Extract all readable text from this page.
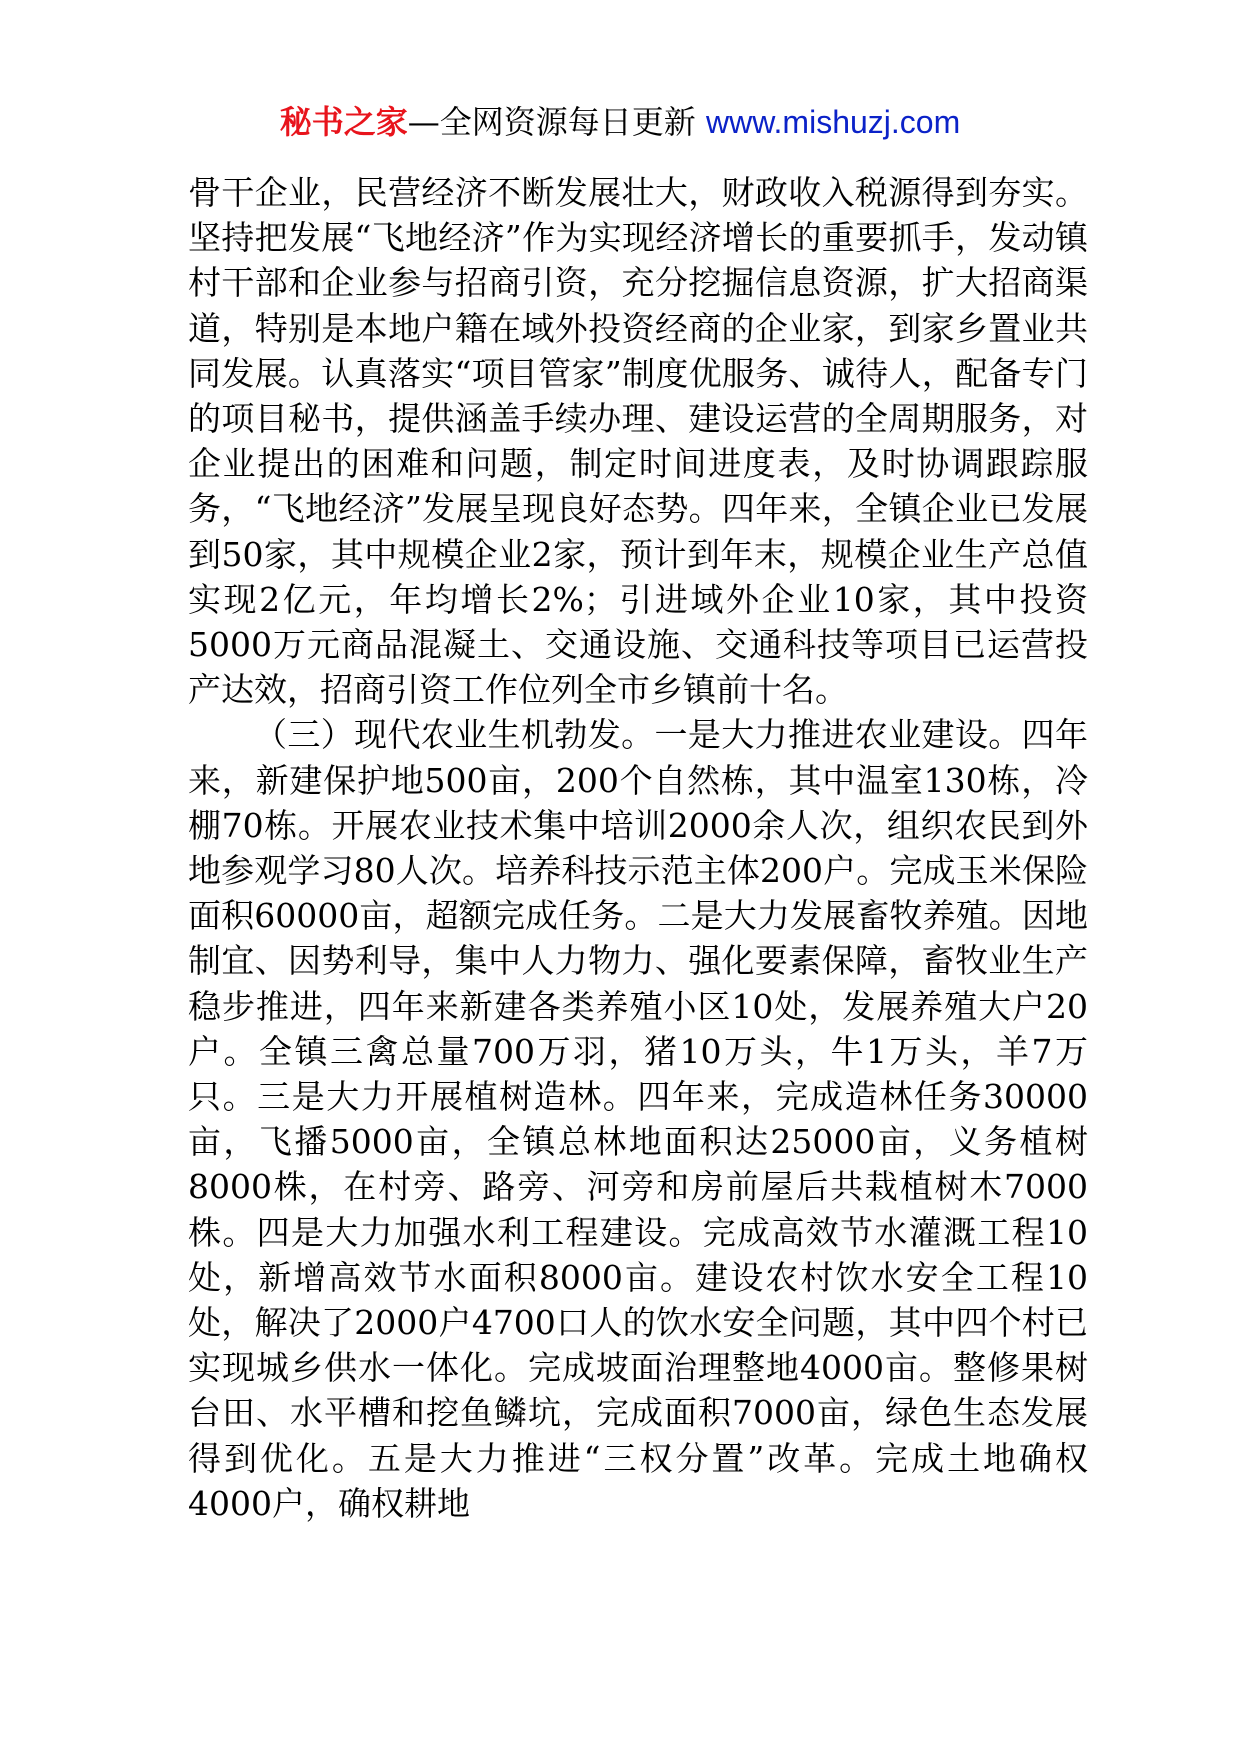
秘书之家—全网资源每日更新 www.mishuzj.com

骨干企业，民营经济不断发展壮大，财政收入税源得到夯实。坚持把发展“飞地经济”作为实现经济增长的重要抓手，发动镇村干部和企业参与招商引资，充分挖掘信息资源，扩大招商渠道，特别是本地户籍在域外投资经商的企业家，到家乡置业共同发展。认真落实“项目管家”制度优服务、诚待人，配备专门的项目秘书，提供涵盖手续办理、建设运营的全周期服务，对企业提出的困难和问题，制定时间进度表，及时协调跟踪服务，“飞地经济”发展呈现良好态势。四年来，全镇企业已发展到50家，其中规模企业2家，预计到年末，规模企业生产总值实现2亿元，年均增长2%；引进域外企业10家，其中投资5000万元商品混凝土、交通设施、交通科技等项目已运营投产达效，招商引资工作位列全市乡镇前十名。

（三）现代农业生机勃发。一是大力推进农业建设。四年来，新建保护地500亩，200个自然栋，其中温室130栋，冷棚70栋。开展农业技术集中培训2000余人次，组织农民到外地参观学习80人次。培养科技示范主体200户。完成玉米保险面积60000亩，超额完成任务。二是大力发展畜牧养殖。因地制宜、因势利导，集中人力物力、强化要素保障，畜牧业生产稳步推进，四年来新建各类养殖小区10处，发展养殖大户20户。全镇三禽总量700万羽，猪10万头，牛1万头，羊7万只。三是大力开展植树造林。四年来，完成造林任务30000亩，飞播5000亩，全镇总林地面积达25000亩，义务植树8000株，在村旁、路旁、河旁和房前屋后共栽植树木7000株。四是大力加强水利工程建设。完成高效节水灌溉工程10处，新增高效节水面积8000亩。建设农村饮水安全工程10处，解决了2000户4700口人的饮水安全问题，其中四个村已实现城乡供水一体化。完成坡面治理整地4000亩。整修果树台田、水平槽和挖鱼鳞坑，完成面积7000亩，绿色生态发展得到优化。五是大力推进“三权分置”改革。完成土地确权4000户，确权耕地
